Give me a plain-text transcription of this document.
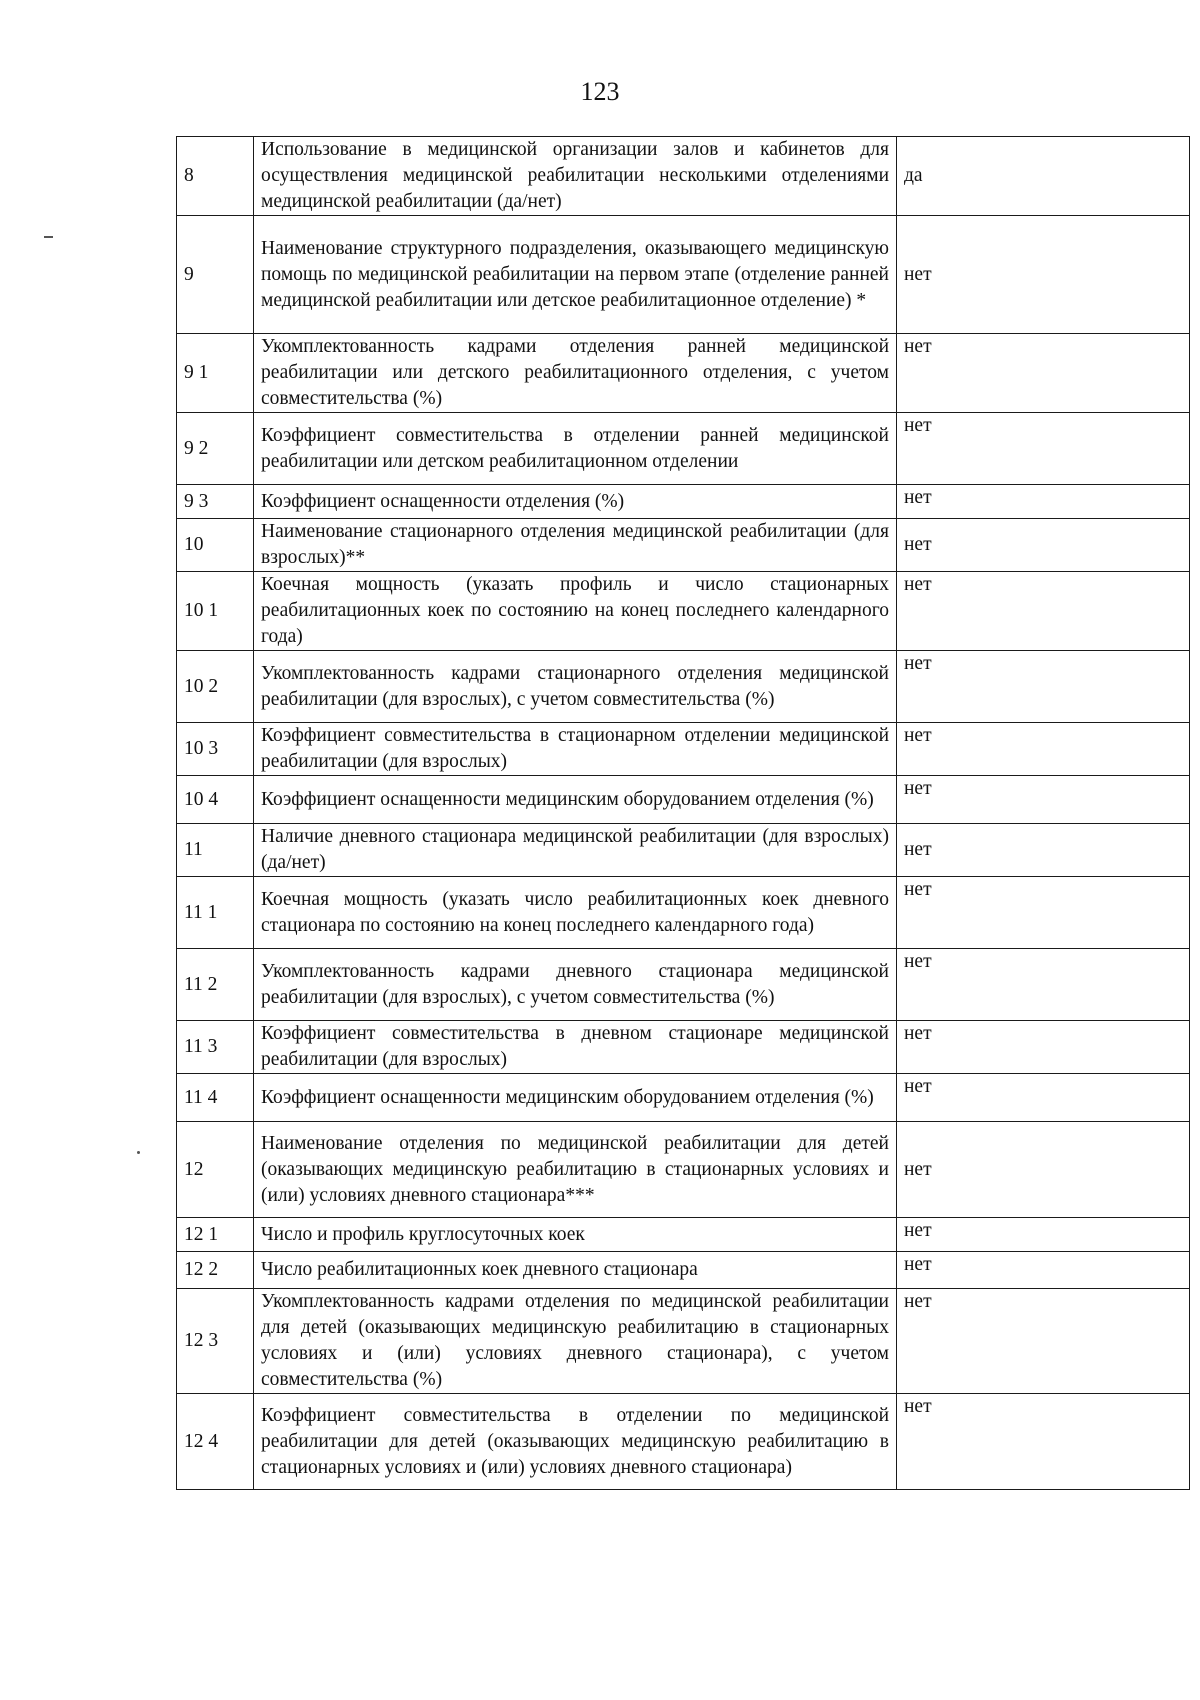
123
8	Использование в медицинской организации залов и кабинетов для осуществления медицинской реабилитации несколькими отделениями медицинской реабилитации (да/нет)	да
9	Наименование структурного подразделения, оказывающего медицинскую помощь по медицинской реабилитации на первом этапе (отделение ранней медицинской реабилитации или детское реабилитационное отделение) *	нет
9 1	Укомплектованность кадрами отделения ранней медицинской реабилитации или детского реабилитационного отделения, с учетом совместительства (%)	нет
9 2	Коэффициент совместительства в отделении ранней медицинской реабилитации или детском реабилитационном отделении	нет
9 3	Коэффициент оснащенности отделения (%)	нет
10	Наименование стационарного отделения медицинской реабилитации (для взрослых)**	нет
10 1	Коечная мощность (указать профиль и число стационарных реабилитационных коек по состоянию на конец последнего календарного года)	нет
10 2	Укомплектованность кадрами стационарного отделения медицинской реабилитации (для взрослых), с учетом совместительства (%)	нет
10 3	Коэффициент совместительства в стационарном отделении медицинской реабилитации (для взрослых)	нет
10 4	Коэффициент оснащенности медицинским оборудованием отделения (%)	нет
11	Наличие дневного стационара медицинской реабилитации (для взрослых) (да/нет)	нет
11 1	Коечная мощность (указать число реабилитационных коек дневного стационара по состоянию на конец последнего календарного года)	нет
11 2	Укомплектованность кадрами дневного стационара медицинской реабилитации (для взрослых), с учетом совместительства (%)	нет
11 3	Коэффициент совместительства в дневном стационаре медицинской реабилитации (для взрослых)	нет
11 4	Коэффициент оснащенности медицинским оборудованием отделения (%)	нет
12	Наименование отделения по медицинской реабилитации для детей (оказывающих медицинскую реабилитацию в стационарных условиях и (или) условиях дневного стационара***	нет
12 1	Число и профиль круглосуточных коек	нет
12 2	Число реабилитационных коек дневного стационара	нет
12 3	Укомплектованность кадрами отделения по медицинской реабилитации для детей (оказывающих медицинскую реабилитацию в стационарных условиях и (или) условиях дневного стационара), с учетом совместительства (%)	нет
12 4	Коэффициент совместительства в отделении по медицинской реабилитации для детей (оказывающих медицинскую реабилитацию в стационарных условиях и (или) условиях дневного стационара)	нет
